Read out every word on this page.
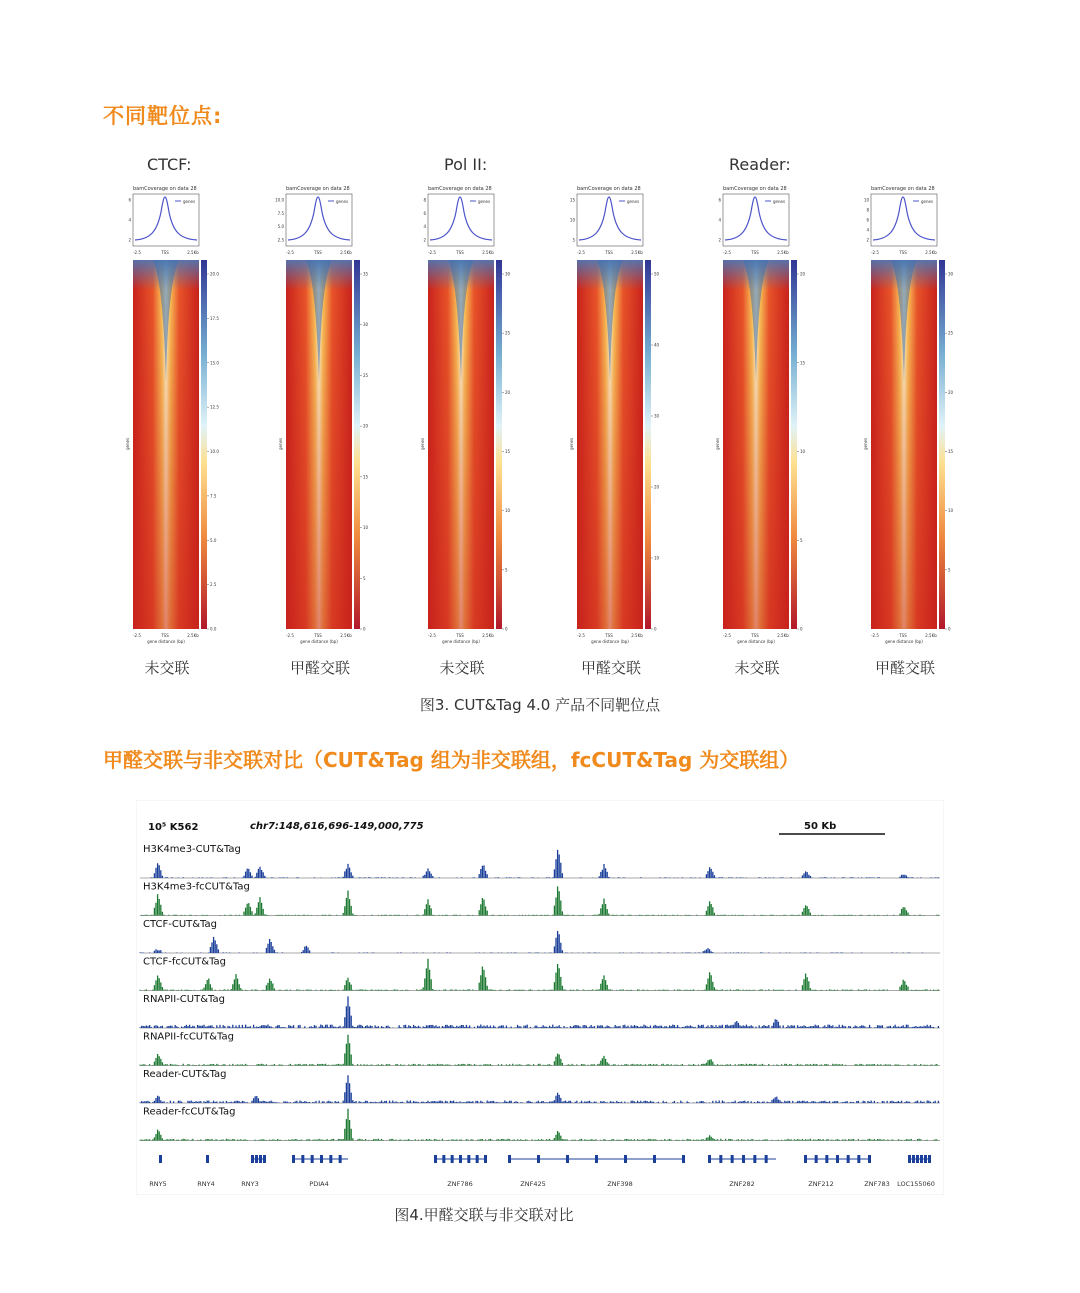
不同靶位点:
CTCF:	Pol II:	Reader:
bamCoverage on data 28
genes
2
4
6
-2.5	TSS	2.5Kb
genes
-2.5	TSS	2.5Kb
gene distance (bp)
0.0
2.5
5.0
7.5
10.0
12.5
15.0
17.5
20.0
未交联
bamCoverage on data 28
genes
2.5
5.0
7.5
10.0
-2.5	TSS	2.5Kb
genes
-2.5	TSS	2.5Kb
gene distance (bp)
0
5
10
15
20
25
30
35
甲醛交联
bamCoverage on data 28
genes
2
4
6
8
-2.5	TSS	2.5Kb
genes
-2.5	TSS	2.5Kb
gene distance (bp)
0
5
10
15
20
25
30
未交联
bamCoverage on data 28
genes
5
10
15
-2.5	TSS	2.5Kb
genes
-2.5	TSS	2.5Kb
gene distance (bp)
0
10
20
30
40
50
甲醛交联
bamCoverage on data 28
genes
2
4
6
-2.5	TSS	2.5Kb
genes
-2.5	TSS	2.5Kb
gene distance (bp)
0
5
10
15
20
未交联
bamCoverage on data 28
genes
2
4
6
8
10
-2.5	TSS	2.5Kb
genes
-2.5	TSS	2.5Kb
gene distance (bp)
0
5
10
15
20
25
30
甲醛交联
图3. CUT&Tag 4.0 产品不同靶位点
甲醛交联与非交联对比（CUT&Tag 组为非交联组，fcCUT&Tag 为交联组）
10⁵ K562	chr7:148,616,696-149,000,775	50 Kb
H3K4me3-CUT&Tag
H3K4me3-fcCUT&Tag
CTCF-CUT&Tag
CTCF-fcCUT&Tag
RNAPII-CUT&Tag
RNAPII-fcCUT&Tag
Reader-CUT&Tag
Reader-fcCUT&Tag
RNY5	RNY4	RNY3	PDIA4	ZNF786	ZNF425	ZNF398	ZNF282	ZNF212	ZNF783 LOC155060
图4.甲醛交联与非交联对比
